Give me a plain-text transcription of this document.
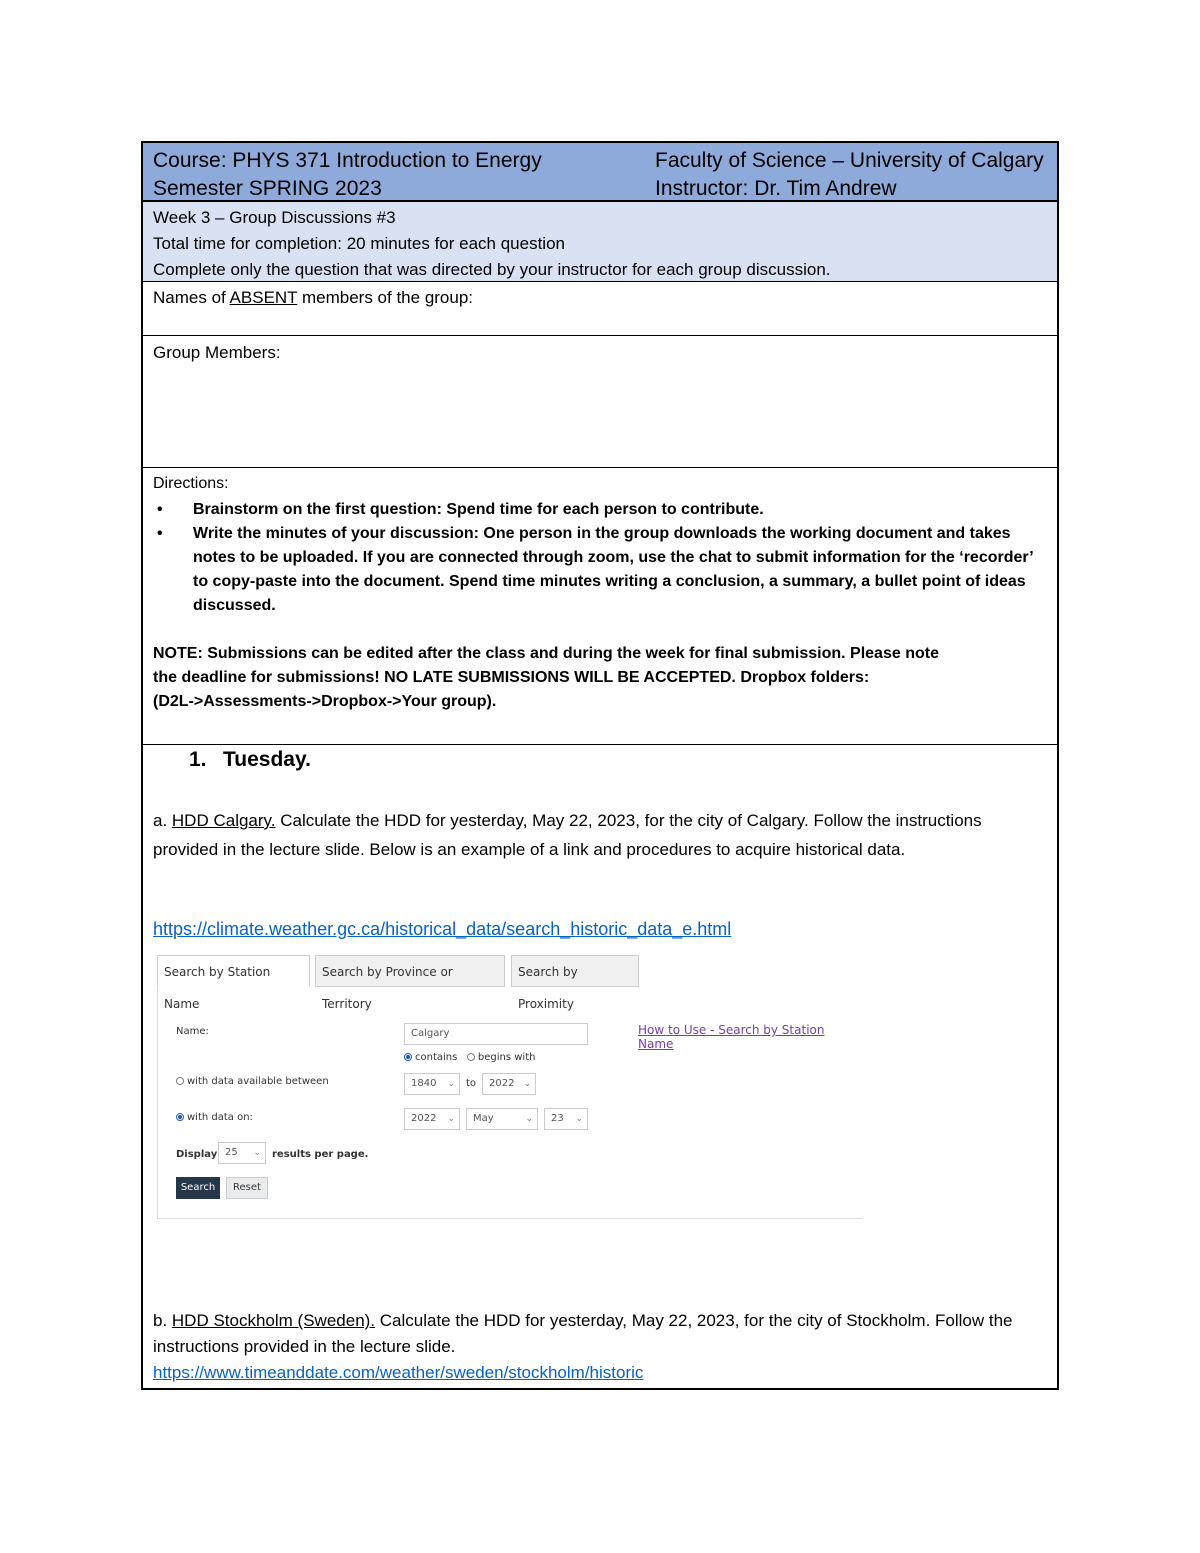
Course: PHYS 371 Introduction to Energy
Semester SPRING 2023
Faculty of Science – University of Calgary
Instructor: Dr. Tim Andrew
Week 3 – Group Discussions #3
Total time for completion: 20 minutes for each question
Complete only the question that was directed by your instructor for each group discussion.
Names of ABSENT members of the group:
Group Members:
Directions:
• Brainstorm on the first question: Spend time for each person to contribute.
• Write the minutes of your discussion: One person in the group downloads the working document and takes notes to be uploaded. If you are connected through zoom, use the chat to submit information for the ‘recorder’ to copy-paste into the document. Spend time minutes writing a conclusion, a summary, a bullet point of ideas discussed.
NOTE: Submissions can be edited after the class and during the week for final submission. Please note
the deadline for submissions! NO LATE SUBMISSIONS WILL BE ACCEPTED. Dropbox folders:
(D2L->Assessments->Dropbox->Your group).
1. Tuesday.
a. HDD Calgary. Calculate the HDD for yesterday, May 22, 2023, for the city of Calgary. Follow the instructions provided in the lecture slide. Below is an example of a link and procedures to acquire historical data.
https://climate.weather.gc.ca/historical_data/search_historic_data_e.html
Search by Station Name
Search by Province or Territory
Search by Proximity
How to Use - Search by Station Name
Name:	Calgary
contains begins with
with data available between	1840 ⌄ to	2022 ⌄
with data on:	2022 ⌄	May	⌄	23 ⌄
Display 25 ⌄ results per page.
Search	Reset
b. HDD Stockholm (Sweden). Calculate the HDD for yesterday, May 22, 2023, for the city of Stockholm. Follow the instructions provided in the lecture slide.
https://www.timeanddate.com/weather/sweden/stockholm/historic
